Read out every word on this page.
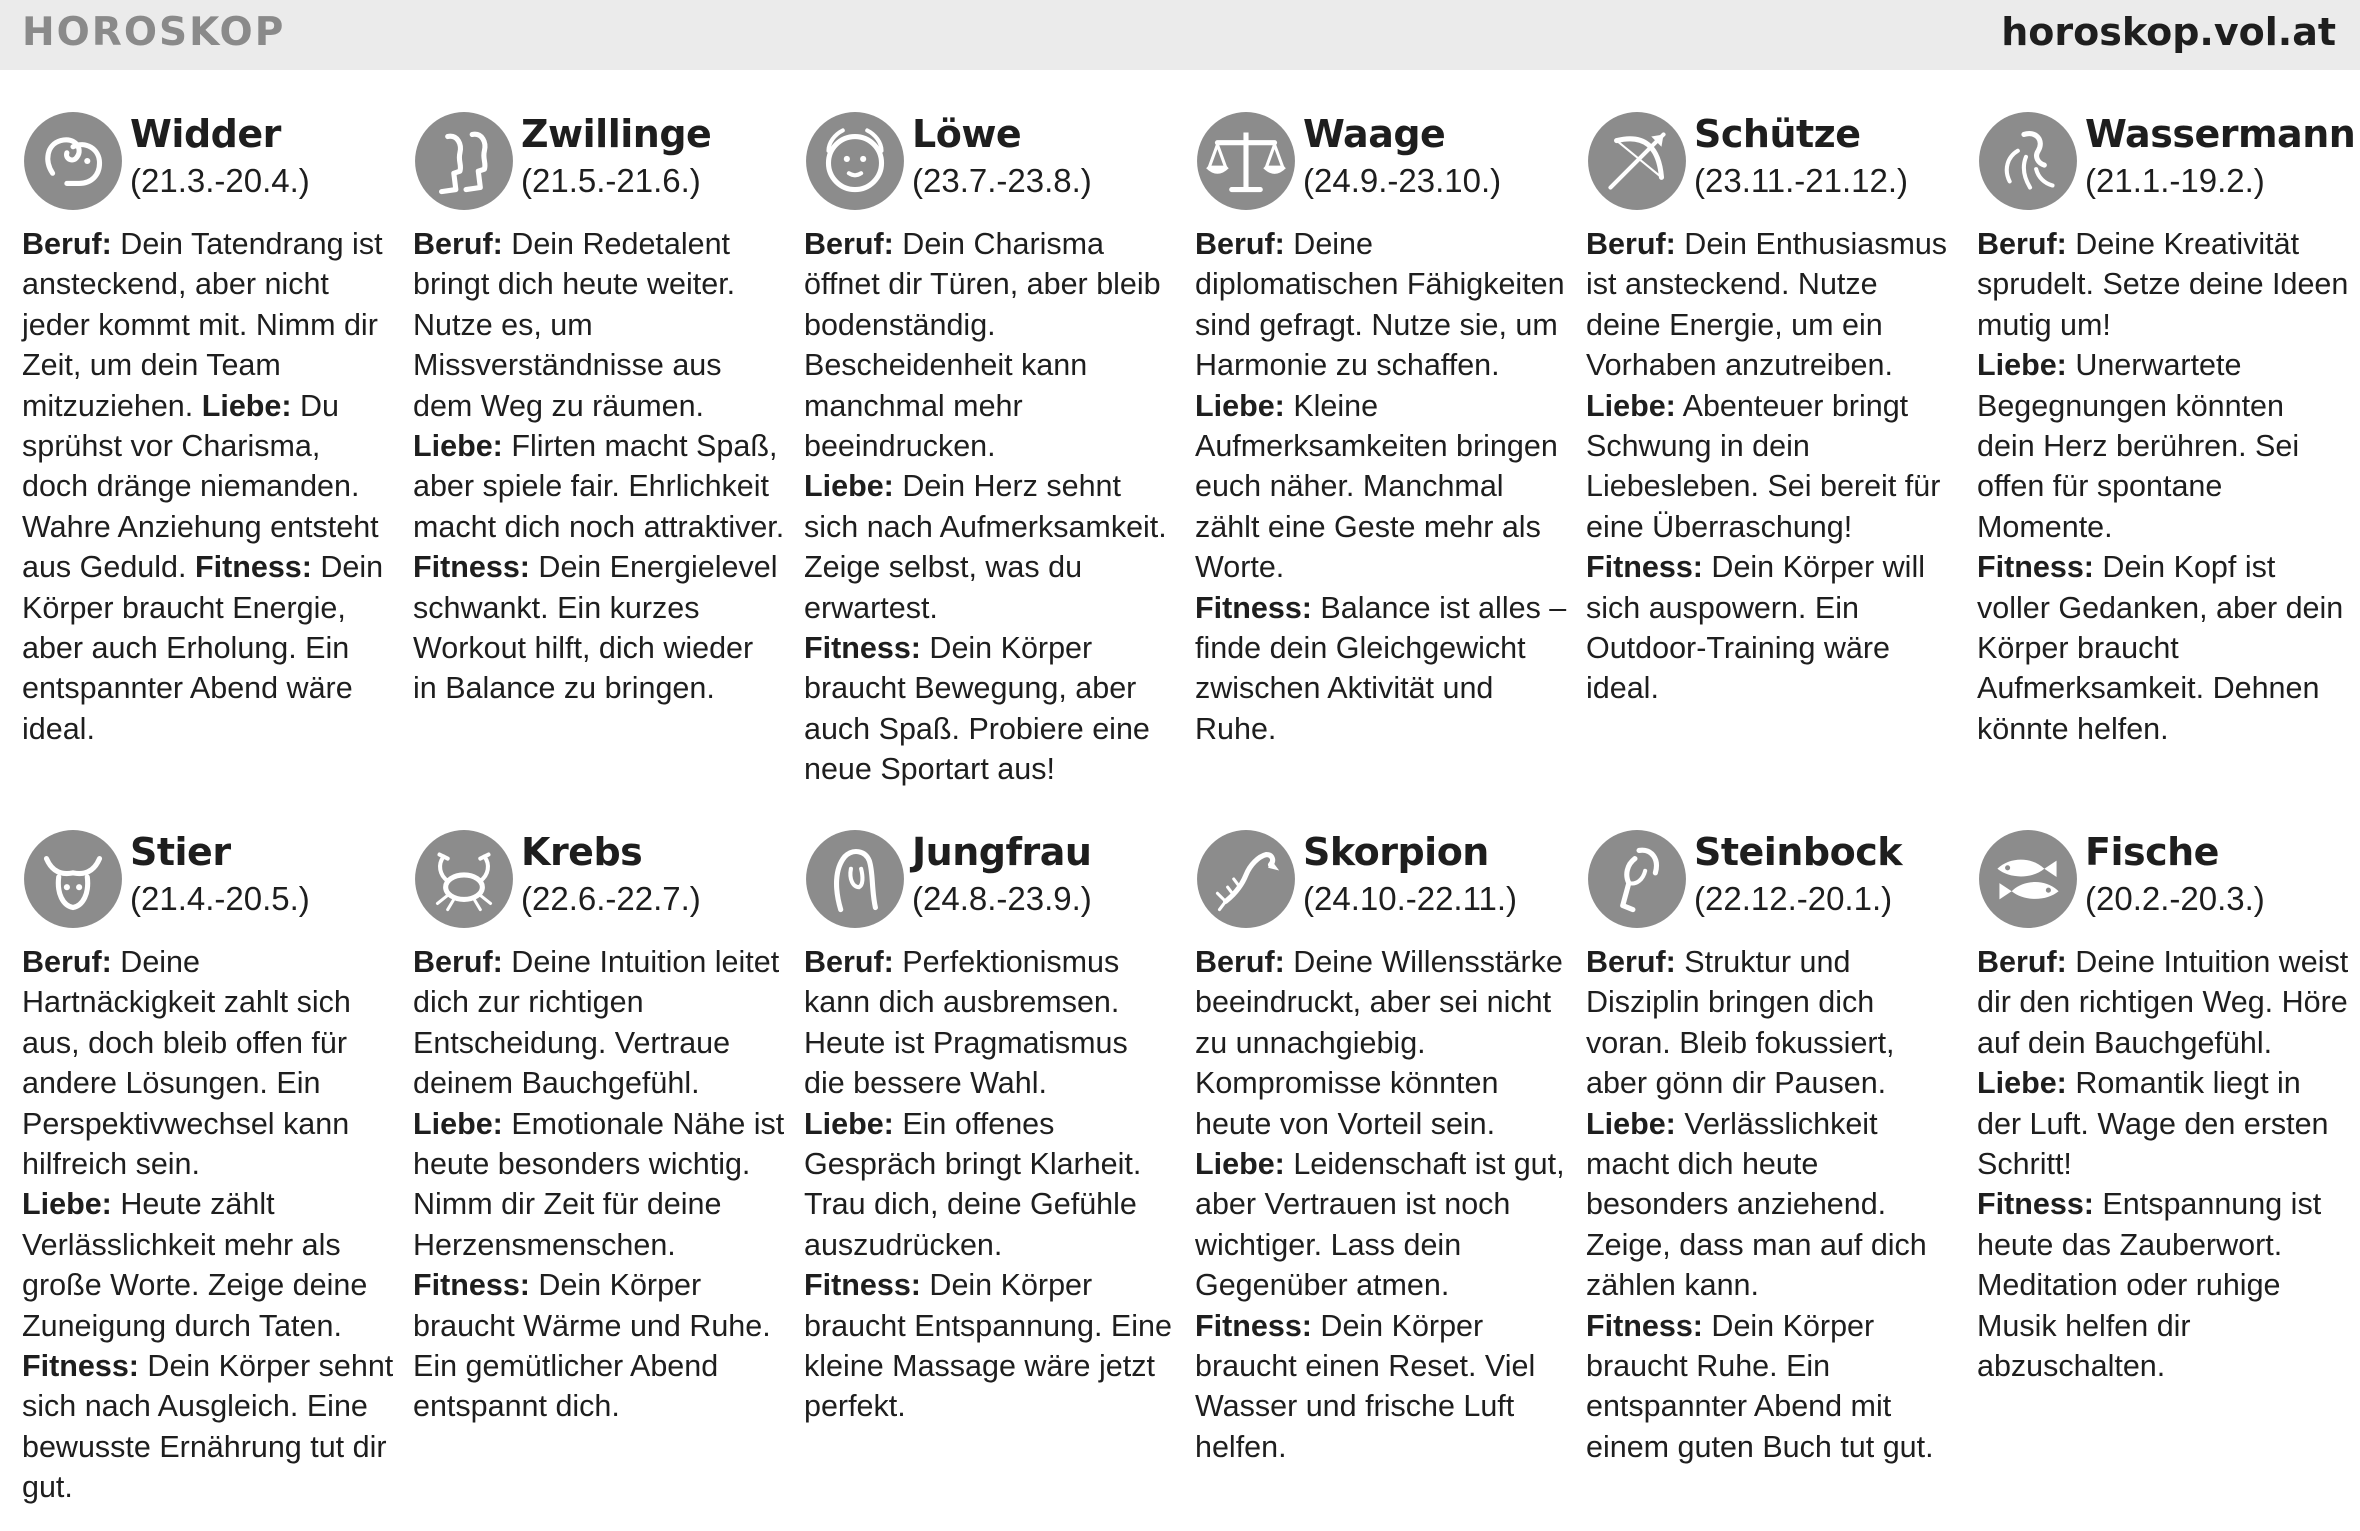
HOROSKOP	horoskop.vol.at
Widder
(21.3.-20.4.)
Beruf: Dein Tatendrang ist ansteckend, aber nicht jeder kommt mit. Nimm dir Zeit, um dein Team mitzuziehen. Liebe: Du sprühst vor Charisma, doch dränge niemanden. Wahre Anziehung entsteht aus Geduld. Fitness: Dein Körper braucht Energie, aber auch Erholung. Ein entspannter Abend wäre ideal.
Zwillinge
(21.5.-21.6.)
Beruf: Dein Redetalent bringt dich heute weiter. Nutze es, um Missverständnisse aus dem Weg zu räumen.
Liebe: Flirten macht Spaß, aber spiele fair. Ehrlichkeit macht dich noch attraktiver.
Fitness: Dein Energielevel schwankt. Ein kurzes Workout hilft, dich wieder in Balance zu bringen.
Löwe
(23.7.-23.8.)
Beruf: Dein Charisma öffnet dir Türen, aber bleib bodenständig. Bescheidenheit kann manchmal mehr beeindrucken.
Liebe: Dein Herz sehnt sich nach Aufmerksamkeit. Zeige selbst, was du erwartest.
Fitness: Dein Körper braucht Bewegung, aber auch Spaß. Probiere eine neue Sportart aus!
Waage
(24.9.-23.10.)
Beruf: Deine diplomatischen Fähigkeiten sind gefragt. Nutze sie, um Harmonie zu schaffen.
Liebe: Kleine Aufmerksamkeiten bringen euch näher. Manchmal zählt eine Geste mehr als Worte.
Fitness: Balance ist alles – finde dein Gleichgewicht zwischen Aktivität und Ruhe.
Schütze
(23.11.-21.12.)
Beruf: Dein Enthusiasmus ist ansteckend. Nutze deine Energie, um ein Vorhaben anzutreiben.
Liebe: Abenteuer bringt Schwung in dein Liebesleben. Sei bereit für eine Überraschung!
Fitness: Dein Körper will sich auspowern. Ein Outdoor-Training wäre ideal.
Wassermann
(21.1.-19.2.)
Beruf: Deine Kreativität sprudelt. Setze deine Ideen mutig um!
Liebe: Unerwartete Begegnungen könnten dein Herz berühren. Sei offen für spontane Momente.
Fitness: Dein Kopf ist voller Gedanken, aber dein Körper braucht Aufmerksamkeit. Dehnen könnte helfen.
Stier
(21.4.-20.5.)
Beruf: Deine Hartnäckigkeit zahlt sich aus, doch bleib offen für andere Lösungen. Ein Perspektivwechsel kann hilfreich sein.
Liebe: Heute zählt Verlässlichkeit mehr als große Worte. Zeige deine Zuneigung durch Taten.
Fitness: Dein Körper sehnt sich nach Ausgleich. Eine bewusste Ernährung tut dir gut.
Krebs
(22.6.-22.7.)
Beruf: Deine Intuition leitet dich zur richtigen Entscheidung. Vertraue deinem Bauchgefühl.
Liebe: Emotionale Nähe ist heute besonders wichtig. Nimm dir Zeit für deine Herzensmenschen.
Fitness: Dein Körper braucht Wärme und Ruhe. Ein gemütlicher Abend entspannt dich.
Jungfrau
(24.8.-23.9.)
Beruf: Perfektionismus kann dich ausbremsen. Heute ist Pragmatismus die bessere Wahl.
Liebe: Ein offenes Gespräch bringt Klarheit. Trau dich, deine Gefühle auszudrücken.
Fitness: Dein Körper braucht Entspannung. Eine kleine Massage wäre jetzt perfekt.
Skorpion
(24.10.-22.11.)
Beruf: Deine Willensstärke beeindruckt, aber sei nicht zu unnachgiebig. Kompromisse könnten heute von Vorteil sein.
Liebe: Leidenschaft ist gut, aber Vertrauen ist noch wichtiger. Lass dein Gegenüber atmen.
Fitness: Dein Körper braucht einen Reset. Viel Wasser und frische Luft helfen.
Steinbock
(22.12.-20.1.)
Beruf: Struktur und Disziplin bringen dich voran. Bleib fokussiert, aber gönn dir Pausen.
Liebe: Verlässlichkeit macht dich heute besonders anziehend. Zeige, dass man auf dich zählen kann.
Fitness: Dein Körper braucht Ruhe. Ein entspannter Abend mit einem guten Buch tut gut.
Fische
(20.2.-20.3.)
Beruf: Deine Intuition weist dir den richtigen Weg. Höre auf dein Bauchgefühl.
Liebe: Romantik liegt in der Luft. Wage den ersten Schritt!
Fitness: Entspannung ist heute das Zauberwort. Meditation oder ruhige Musik helfen dir abzuschalten.
